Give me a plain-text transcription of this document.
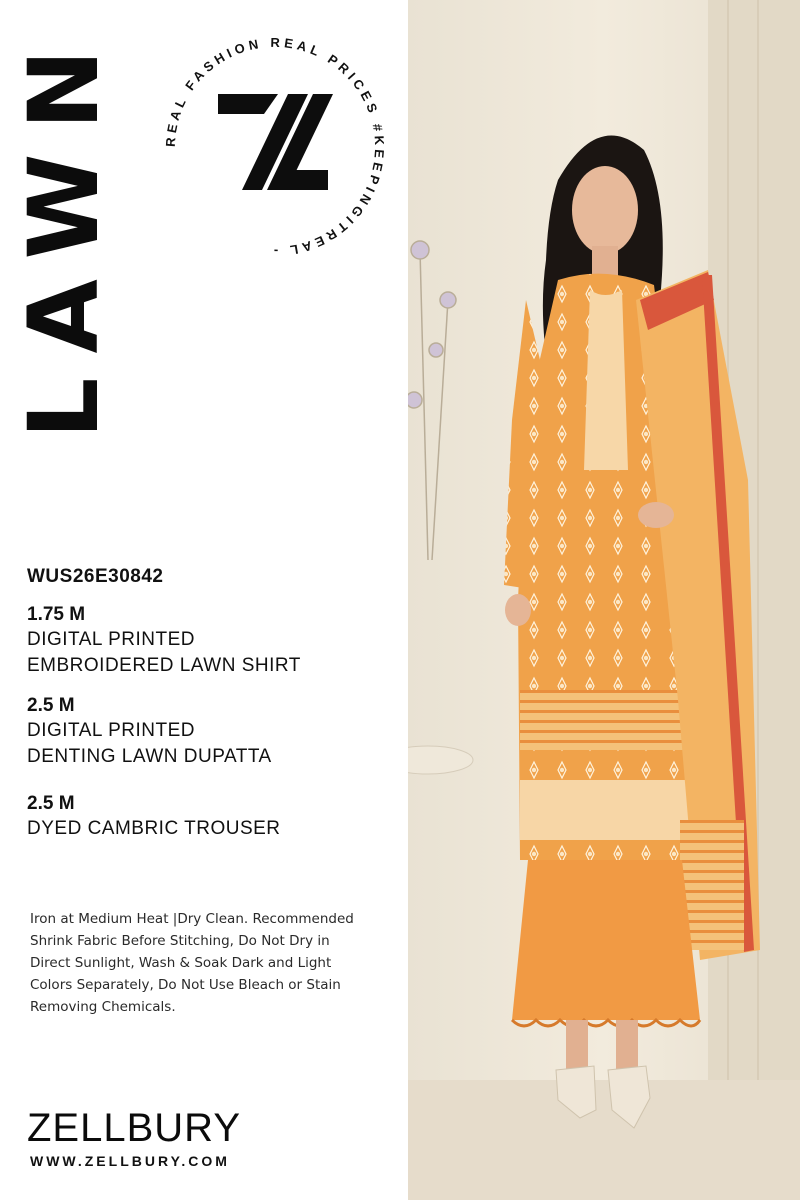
LAWN	REAL FASHION REAL PRICES #KEEPINGITREAL -
WUS26E30842
1.75 M
DIGITAL PRINTED
EMBROIDERED LAWN SHIRT
2.5 M
DIGITAL PRINTED
DENTING LAWN DUPATTA
2.5 M
DYED CAMBRIC TROUSER
Iron at Medium Heat |Dry Clean. Recommended Shrink Fabric Before Stitching, Do Not Dry in Direct Sunlight, Wash & Soak Dark and Light Colors Separately, Do Not Use Bleach or Stain Removing Chemicals.
ZELLBURY
WWW.ZELLBURY.COM
